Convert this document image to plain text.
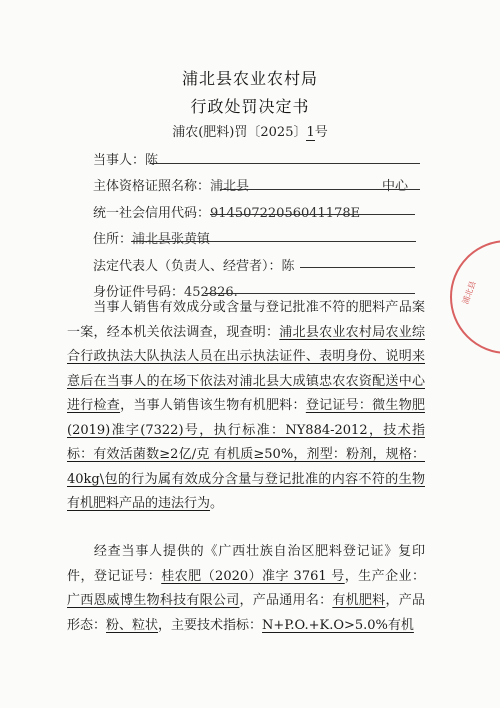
浦北县农业农村局
行政处罚决定书
浦农(肥料)罚〔2025〕1号
当事人：陈
主体资格证照名称：浦北县	中心
统一社会信用代码：91450722056041178E
住所：浦北县张黄镇
法定代表人（负责人、经营者）：陈
身份证件号码：452826.
当事人销售有效成分或含量与登记批准不符的肥料产品案一案，经本机关依法调查，现查明：浦北县农业农村局农业综合行政执法大队执法人员在出示执法证件、表明身份、说明来意后在当事人的在场下依法对浦北县大成镇忠农农资配送中心进行检查，当事人销售该生物有机肥料：登记证号：微生物肥(2019)准字(7322)号，执行标准：NY884-2012，技术指标：有效活菌数≥2亿/克 有机质≥50%，剂型：粉剂，规格：40kg\包的行为属有效成分含量与登记批准的内容不符的生物有机肥料产品的违法行为。
经查当事人提供的《广西壮族自治区肥料登记证》复印件，登记证号：桂农肥（2020）准字 3761 号，生产企业：广西恩威博生物科技有限公司，产品通用名：有机肥料，产品形态：粉、粒状，主要技术指标：N+P.O.+K.O>5.0%有机
浦北县
